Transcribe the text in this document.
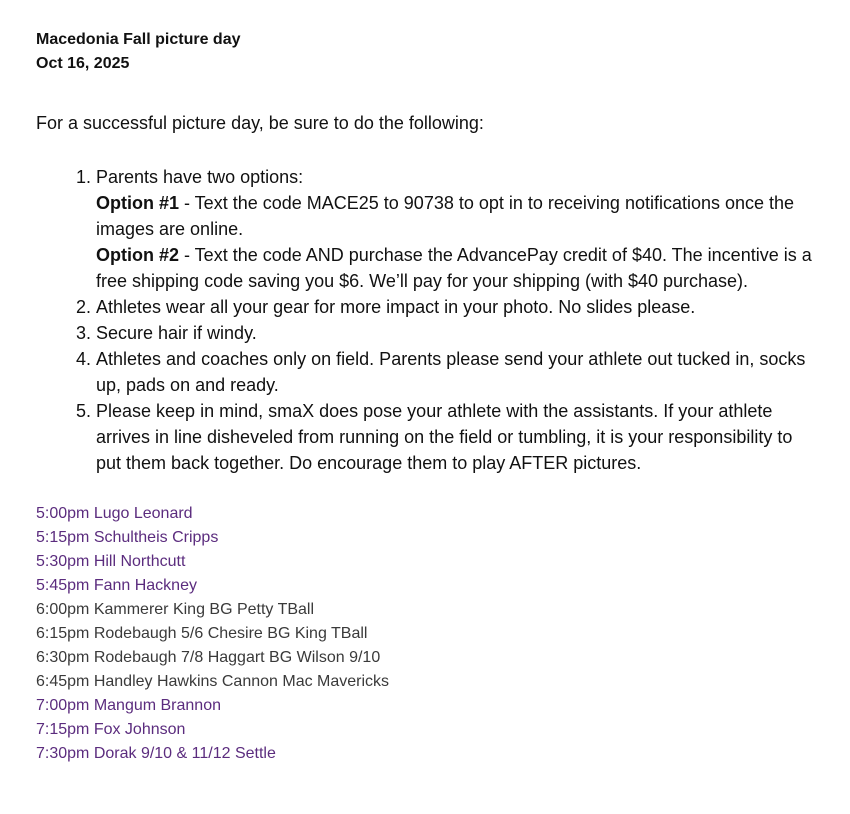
Macedonia Fall picture day

Oct 16, 2025

For a successful picture day, be sure to do the following:

1. Parents have two options:
Option #1 - Text the code MACE25 to 90738 to opt in to receiving notifications once the images are online.
Option #2 - Text the code AND purchase the AdvancePay credit of $40. The incentive is a free shipping code saving you $6. We’ll pay for your shipping (with $40 purchase).
2. Athletes wear all your gear for more impact in your photo. No slides please.
3. Secure hair if windy.
4. Athletes and coaches only on field. Parents please send your athlete out tucked in, socks up, pads on and ready.
5. Please keep in mind, smaX does pose your athlete with the assistants. If your athlete arrives in line disheveled from running on the field or tumbling, it is your responsibility to put them back together. Do encourage them to play AFTER pictures.
5:00pm Lugo Leonard
5:15pm Schultheis Cripps
5:30pm Hill Northcutt
5:45pm Fann Hackney
6:00pm Kammerer King BG Petty TBall
6:15pm Rodebaugh 5/6 Chesire BG King TBall
6:30pm Rodebaugh 7/8 Haggart BG Wilson 9/10
6:45pm Handley Hawkins Cannon Mac Mavericks
7:00pm Mangum Brannon
7:15pm Fox Johnson
7:30pm Dorak 9/10 & 11/12 Settle
